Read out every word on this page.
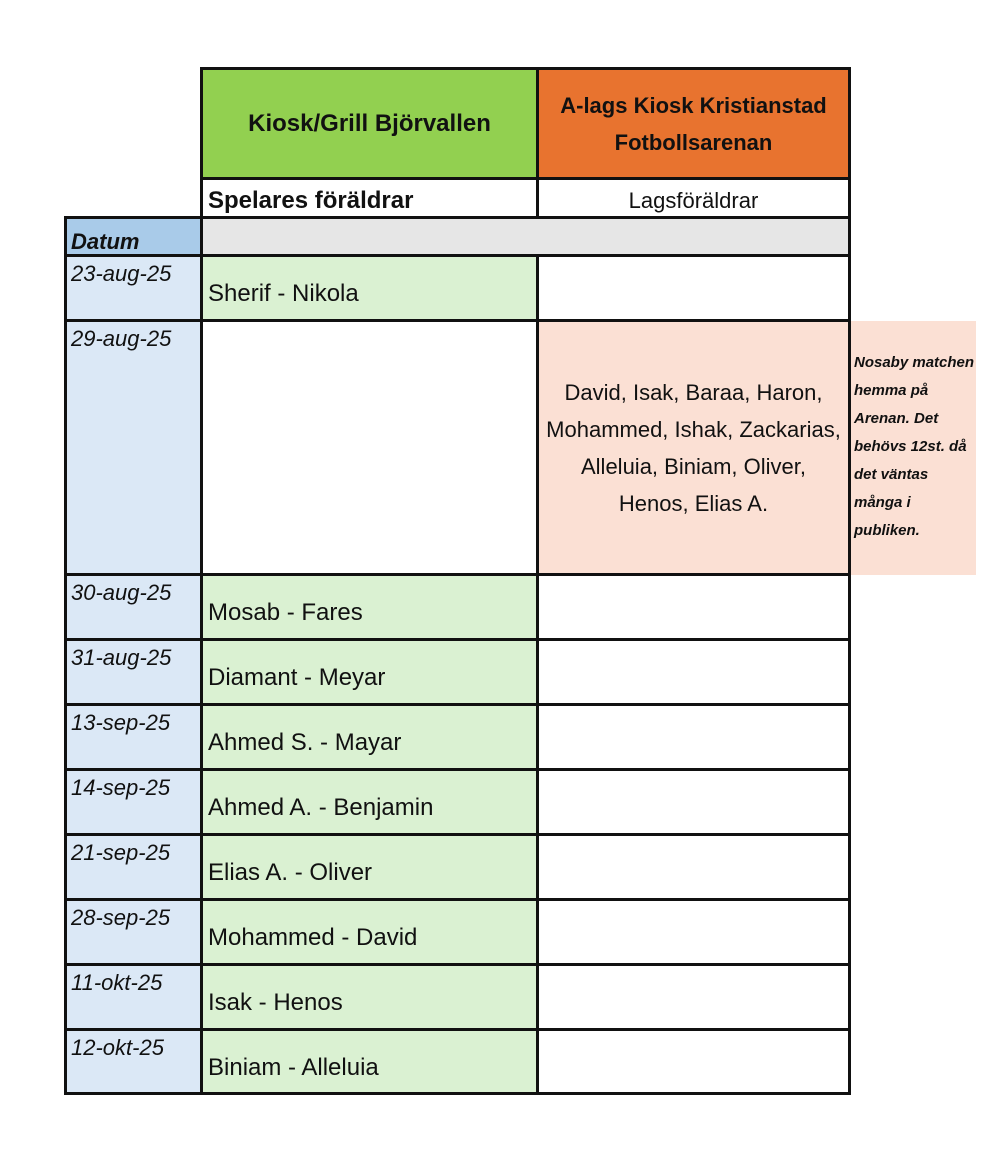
Kiosk/Grill Björvallen
A-lags Kiosk Kristianstad Fotbollsarenan
Spelares föräldrar	Lagsföräldrar
Datum
23-aug-25
Sherif - Nikola
29-aug-25
David, Isak, Baraa, Haron, Mohammed, Ishak, Zackarias, Alleluia, Biniam, Oliver, Henos, Elias A.
Nosaby matchen hemma på Arenan. Det behövs 12st. då det väntas många i publiken.
30-aug-25
Mosab - Fares
31-aug-25
Diamant - Meyar
13-sep-25
Ahmed S. - Mayar
14-sep-25
Ahmed A. - Benjamin
21-sep-25
Elias A. - Oliver
28-sep-25
Mohammed - David
11-okt-25
Isak - Henos
12-okt-25
Biniam - Alleluia
